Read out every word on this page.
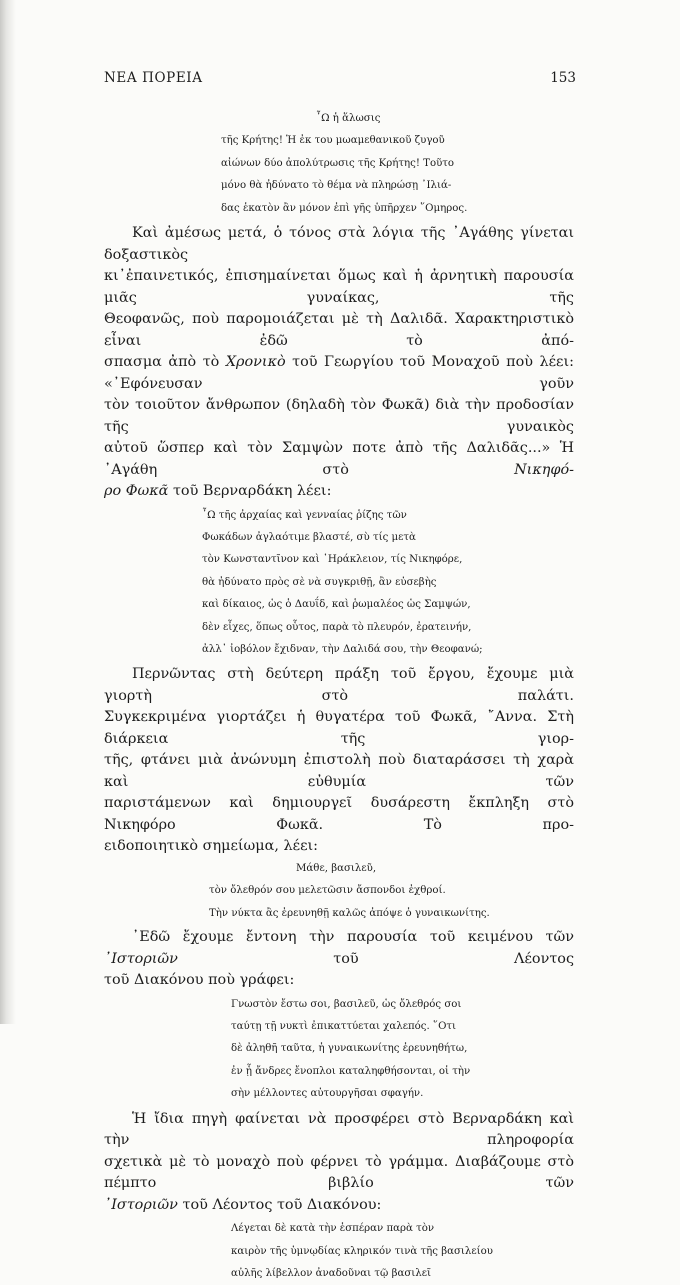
ΝΕΑ ΠΟΡΕΙΑ	153
῏Ω ἡ ἅλωσις
τῆς Κρήτης! Ἡ ἐκ του μωαμεθανικοῦ ζυγοῦ
αἰώνων δύο ἀπολύτρωσις τῆς Κρήτης! Τοῦτο
μόνο θὰ ἠδύνατο τὸ θέμα νὰ πληρώσῃ ᾽Ιλιά-
δας ἑκατὸν ἂν μόνον ἐπὶ γῆς ὑπῆρχεν ῞Ομηρος.

Καὶ ἀμέσως μετά, ὁ τόνος στὰ λόγια τῆς ᾽Αγάθης γίνεται δοξαστικὸς
κι᾽ἐπαινετικός, ἐπισημαίνεται ὅμως καὶ ἡ ἀρνητικὴ παρουσία μιᾶς γυναίκας, τῆς
Θεοφανῶς, ποὺ παρομοιάζεται μὲ τὴ Δαλιδᾶ. Χαρακτηριστικὸ εἶναι ἐδῶ τὸ ἀπό-
σπασμα ἀπὸ τὸ Χρονικὸ τοῦ Γεωργίου τοῦ Μοναχοῦ ποὺ λέει: «᾽Εφόνευσαν γοῦν
τὸν τοιοῦτον ἄνθρωπον (δηλαδὴ τὸν Φωκᾶ) διὰ τὴν προδοσίαν τῆς γυναικὸς
αὐτοῦ ὥσπερ καὶ τὸν Σαμψὼν ποτε ἀπὸ τῆς Δαλιδᾶς...» Ἡ ᾽Αγάθη στὸ Νικηφό-
ρο Φωκᾶ τοῦ Βερναρδάκη λέει:

῏Ω τῆς ἀρχαίας καὶ γενναίας ῥίζης τῶν
Φωκάδων ἀγλαότιμε βλαστέ, σὺ τίς μετὰ
τὸν Κωνσταντῖνον καὶ ῾Ηράκλειον, τίς Νικηφόρε,
θὰ ἠδύνατο πρὸς σὲ νὰ συγκριθῇ, ἂν εὐσεβὴς
καὶ δίκαιος, ὡς ὁ Δαυΐδ, καὶ ῥωμαλέος ὡς Σαμψών,
δὲν εἶχες, ὅπως οὗτος, παρὰ τὸ πλευρόν, ἐρατεινήν,
ἀλλ᾽ ἰοβόλον ἔχιδναν, τὴν Δαλιδά σου, τὴν Θεοφανώ;

Περνῶντας στὴ δεύτερη πράξη τοῦ ἔργου, ἔχουμε μιὰ γιορτὴ στὸ παλάτι.
Συγκεκριμένα γιορτάζει ἡ θυγατέρα τοῦ Φωκᾶ, ῎Αννα. Στὴ διάρκεια τῆς γιορ-
τῆς, φτάνει μιὰ ἀνώνυμη ἐπιστολὴ ποὺ διαταράσσει τὴ χαρὰ καὶ εὐθυμία τῶν
παριστάμενων καὶ δημιουργεῖ δυσάρεστη ἔκπληξη στὸ Νικηφόρο Φωκᾶ. Τὸ προ-
ειδοποιητικὸ σημείωμα, λέει:

Μάθε, βασιλεῦ,
τὸν ὄλεθρόν σου μελετῶσιν ἄσπονδοι ἐχθροί.
Τὴν νύκτα ἂς ἐρευνηθῇ καλῶς ἀπόψε ὁ γυναικωνίτης.

᾽Εδῶ ἔχουμε ἔντονη τὴν παρουσία τοῦ κειμένου τῶν ᾽Ιστοριῶν τοῦ Λέοντος
τοῦ Διακόνου ποὺ γράφει:

Γνωστὸν ἔστω σοι, βασιλεῦ, ὡς ὄλεθρός σοι
ταύτῃ τῇ νυκτὶ ἐπικαττύεται χαλεπός. ῞Οτι
δὲ ἀληθῆ ταῦτα, ἡ γυναικωνίτης ἐρευνηθήτω,
ἐν ᾗ ἄνδρες ἔνοπλοι καταληφθήσονται, οἱ τὴν
σὴν μέλλοντες αὐτουργῆσαι σφαγήν.

Ἡ ἴδια πηγὴ φαίνεται νὰ προσφέρει στὸ Βερναρδάκη καὶ τὴν πληροφορία
σχετικὰ μὲ τὸ μοναχὸ ποὺ φέρνει τὸ γράμμα. Διαβάζουμε στὸ πέμπτο βιβλίο τῶν
᾽Ιστοριῶν τοῦ Λέοντος τοῦ Διακόνου:

Λέγεται δὲ κατὰ τὴν ἑσπέραν παρὰ τὸν
καιρὸν τῆς ὑμνῳδίας κληρικόν τινὰ τῆς βασιλείου
αὐλῆς λίβελλον ἀναδοῦναι τῷ βασιλεῖ
